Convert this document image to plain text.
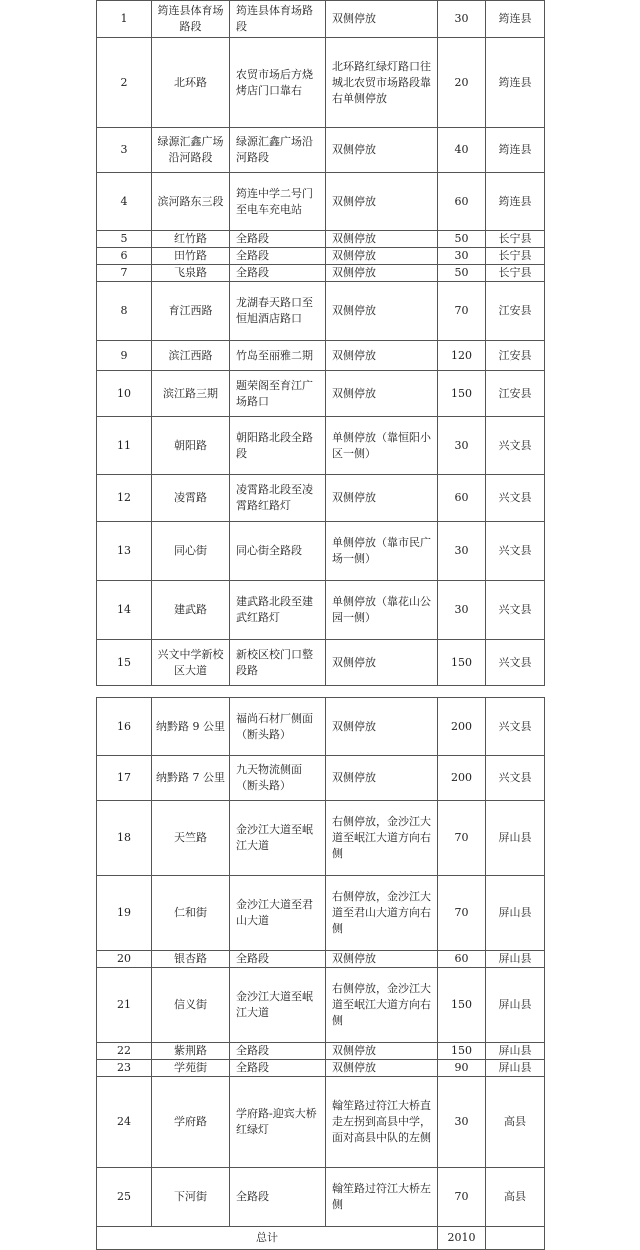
1	筠连县体育场路段	筠连县体育场路段	双侧停放	30	筠连县
2	北环路	农贸市场后方烧烤店门口靠右	北环路红绿灯路口往城北农贸市场路段靠右单侧停放	20	筠连县
3	绿源汇鑫广场沿河路段	绿源汇鑫广场沿河路段	双侧停放	40	筠连县
4	滨河路东三段	筠连中学二号门至电车充电站	双侧停放	60	筠连县
5	红竹路	全路段	双侧停放	50	长宁县
6	田竹路	全路段	双侧停放	30	长宁县
7	飞泉路	全路段	双侧停放	50	长宁县
8	育江西路	龙湖春天路口至恒旭酒店路口	双侧停放	70	江安县
9	滨江西路	竹岛至丽雅二期	双侧停放	120	江安县
10	滨江路三期	题荣阁至育江广场路口	双侧停放	150	江安县
11	朝阳路	朝阳路北段全路段	单侧停放（靠恒阳小区一侧）	30	兴文县
12	凌霄路	凌霄路北段至凌霄路红路灯	双侧停放	60	兴文县
13	同心街	同心街全路段	单侧停放（靠市民广场一侧）	30	兴文县
14	建武路	建武路北段至建武红路灯	单侧停放（靠花山公园一侧）	30	兴文县
15	兴文中学新校区大道	新校区校门口整段路	双侧停放	150	兴文县
16	纳黔路 9 公里	福尚石材厂侧面（断头路）	双侧停放	200	兴文县
17	纳黔路 7 公里	九天物流侧面（断头路）	双侧停放	200	兴文县
18	天竺路	金沙江大道至岷江大道	右侧停放，金沙江大道至岷江大道方向右侧	70	屏山县
19	仁和街	金沙江大道至君山大道	右侧停放，金沙江大道至君山大道方向右侧	70	屏山县
20	银杏路	全路段	双侧停放	60	屏山县
21	信义街	金沙江大道至岷江大道	右侧停放，金沙江大道至岷江大道方向右侧	150	屏山县
22	紫荆路	全路段	双侧停放	150	屏山县
23	学苑街	全路段	双侧停放	90	屏山县
24	学府路	学府路-迎宾大桥红绿灯	翰笙路过符江大桥直走左拐到高县中学，面对高县中队的左侧	30	高县
25	下河街	全路段	翰笙路过符江大桥左侧	70	高县
总计				2010	
